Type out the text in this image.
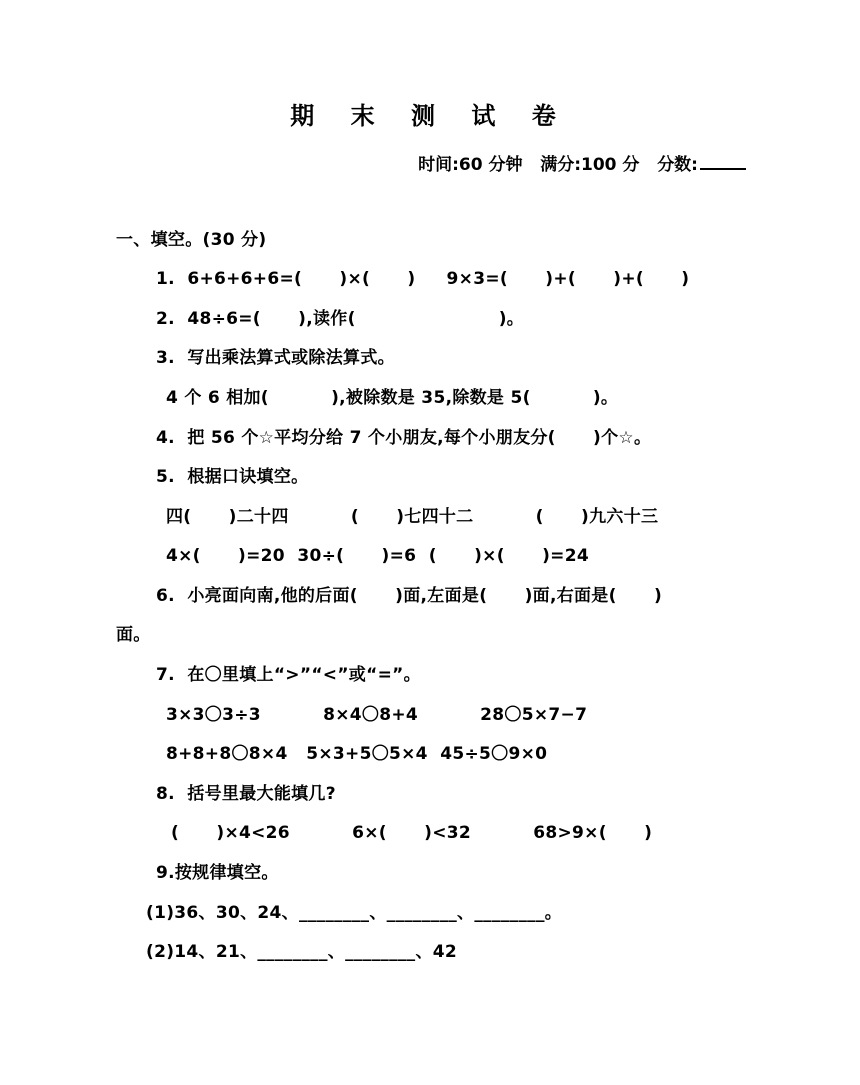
期 末 测 试 卷
时间:60 分钟 满分:100 分 分数:
一、填空。(30 分)
1.  6+6+6+6=(      )×(      )     9×3=(      )+(      )+(      )
2.  48÷6=(      ),读作(                       )。
3.  写出乘法算式或除法算式。
4 个 6 相加(          ),被除数是 35,除数是 5(          )。
4.  把 56 个☆平均分给 7 个小朋友,每个小朋友分(      )个☆。
5.  根据口诀填空。
四(      )二十四          (      )七四十二          (      )九六十三
4×(      )=20  30÷(      )=6  (      )×(      )=24
6.  小亮面向南,他的后面(      )面,左面是(      )面,右面是(      )
面。
7.  在〇里填上“>”“<”或“=”。
3×3〇3÷3          8×4〇8+4          28〇5×7−7
8+8+8〇8×4   5×3+5〇5×4  45÷5〇9×0
8.  括号里最大能填几?
(      )×4<26          6×(      )<32          68>9×(      )
9.按规律填空。
(1)36、30、24、________、________、________。
(2)14、21、________、________、42
